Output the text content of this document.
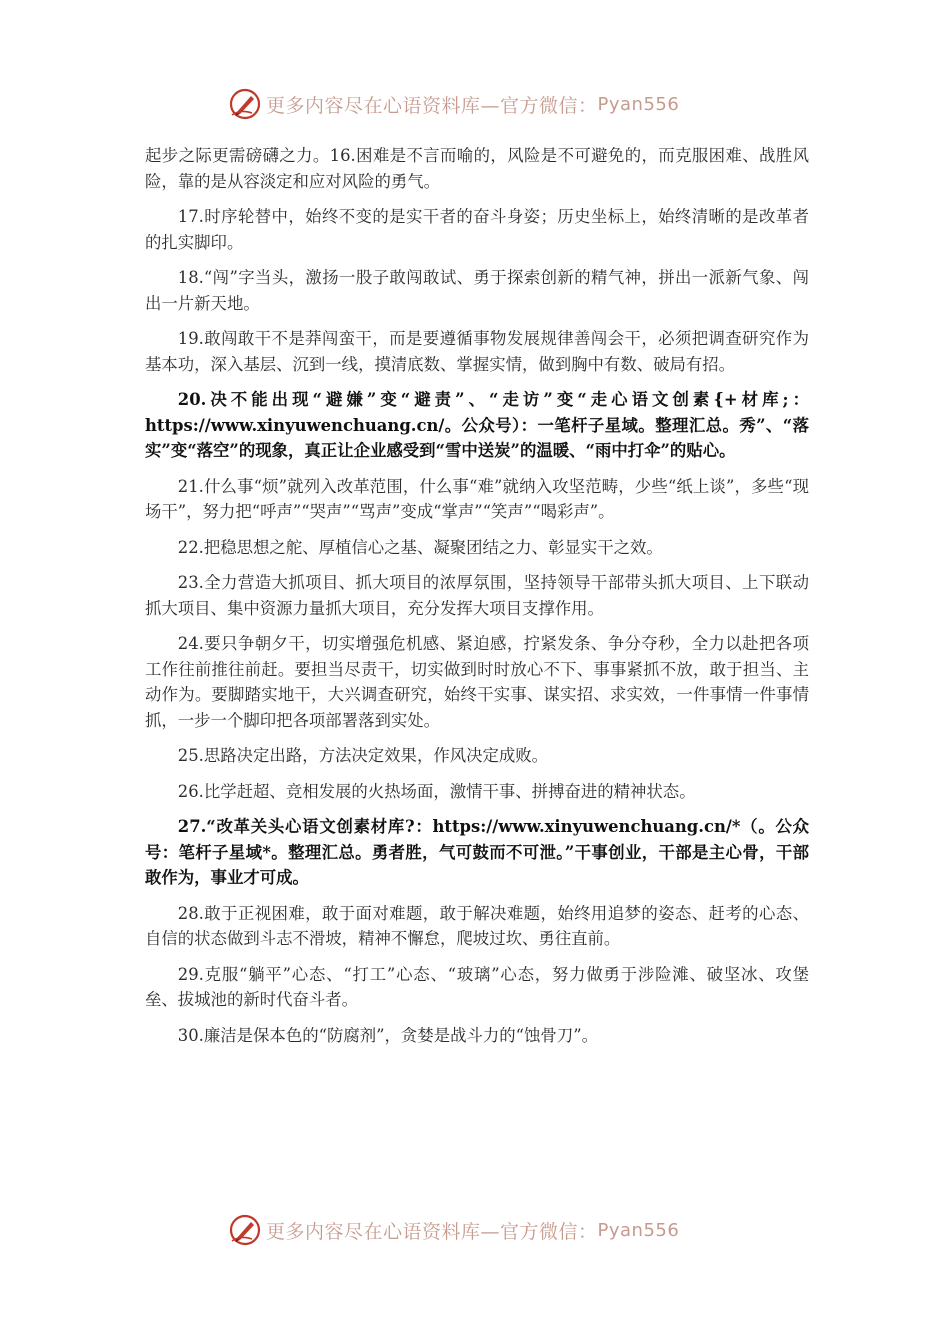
更多内容尽在心语资料库—官方微信： Pyan556

起步之际更需磅礴之力。16.困难是不言而喻的，风险是不可避免的，而克服困难、战胜风险，靠的是从容淡定和应对风险的勇气。

17.时序轮替中，始终不变的是实干者的奋斗身姿；历史坐标上，始终清晰的是改革者的扎实脚印。

18.“闯”字当头，激扬一股子敢闯敢试、勇于探索创新的精气神，拼出一派新气象、闯出一片新天地。

19.敢闯敢干不是莽闯蛮干，而是要遵循事物发展规律善闯会干，必须把调查研究作为基本功，深入基层、沉到一线，摸清底数、掌握实情，做到胸中有数、破局有招。

20.决不能出现“避嫌”变“避责”、“走访”变“走心语文创素{+材库;：https://www.xinyuwenchuang.cn/。公众号）：一笔杆子星域。整理汇总。秀”、“落实”变“落空”的现象，真正让企业感受到“雪中送炭”的温暖、“雨中打伞”的贴心。

21.什么事“烦”就列入改革范围，什么事“难”就纳入攻坚范畴，少些“纸上谈”，多些“现场干”，努力把“呼声”“哭声”“骂声”变成“掌声”“笑声”“喝彩声”。

22.把稳思想之舵、厚植信心之基、凝聚团结之力、彰显实干之效。

23.全力营造大抓项目、抓大项目的浓厚氛围，坚持领导干部带头抓大项目、上下联动抓大项目、集中资源力量抓大项目，充分发挥大项目支撑作用。

24.要只争朝夕干，切实增强危机感、紧迫感，拧紧发条、争分夺秒，全力以赴把各项工作往前推往前赶。要担当尽责干，切实做到时时放心不下、事事紧抓不放，敢于担当、主动作为。要脚踏实地干，大兴调查研究，始终干实事、谋实招、求实效，一件事情一件事情抓，一步一个脚印把各项部署落到实处。

25.思路决定出路，方法决定效果，作风决定成败。

26.比学赶超、竞相发展的火热场面，激情干事、拼搏奋进的精神状态。

27.“改革关头心语文创素材库?：https://www.xinyuwenchuang.cn/*（。公众号：笔杆子星域*。整理汇总。勇者胜，气可鼓而不可泄。”干事创业，干部是主心骨，干部敢作为，事业才可成。

28.敢于正视困难，敢于面对难题，敢于解决难题，始终用追梦的姿态、赶考的心态、自信的状态做到斗志不滑坡，精神不懈怠，爬坡过坎、勇往直前。

29.克服“躺平”心态、“打工”心态、“玻璃”心态，努力做勇于涉险滩、破坚冰、攻堡垒、拔城池的新时代奋斗者。

30.廉洁是保本色的“防腐剂”，贪婪是战斗力的“蚀骨刀”。

更多内容尽在心语资料库—官方微信： Pyan556
